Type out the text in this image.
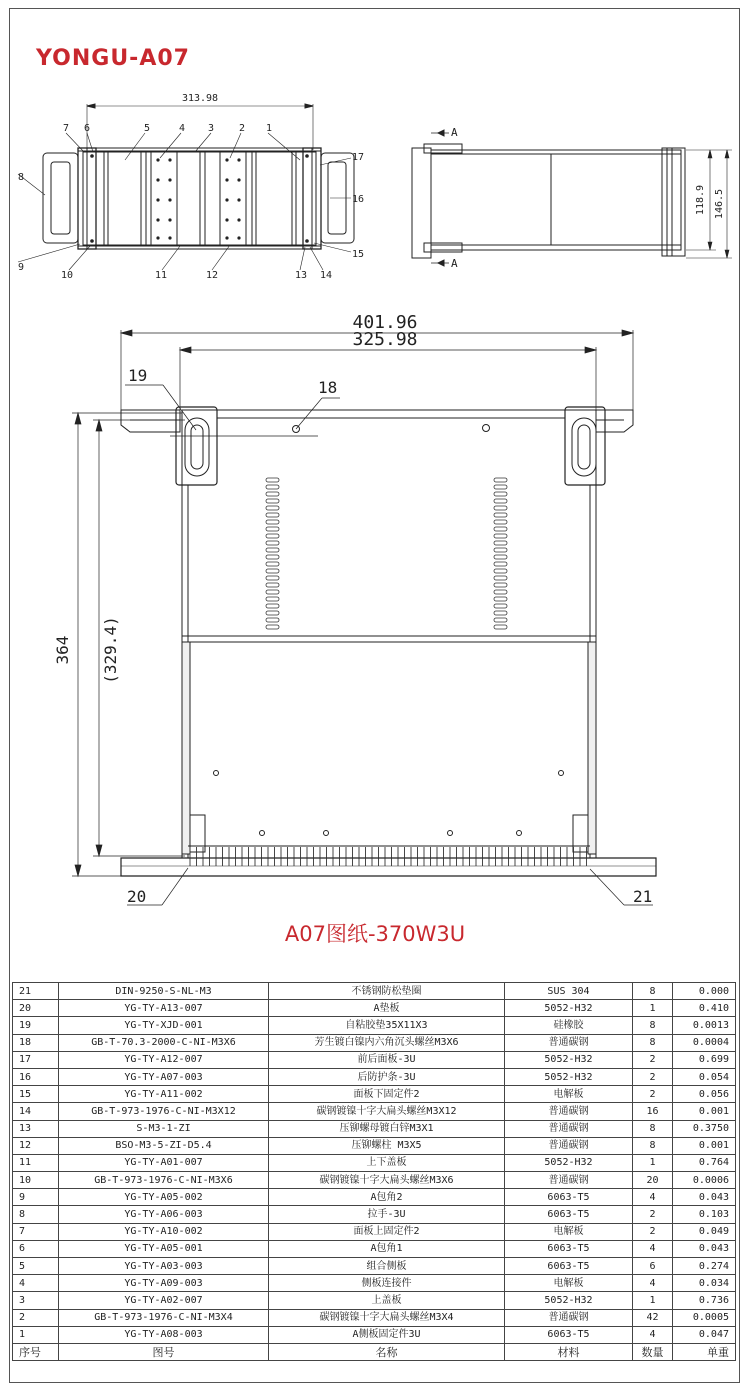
YONGU-A07
313.98
118.9 146.5
A
A
401.96
325.98
364 (329.4)
7 6	5	4 3 2 1
17
16
15
14
13
12
11
10
9
8
19
18
20	21
A07图纸-370W3U
21	DIN-9250-S-NL-M3	不锈钢防松垫圈	SUS 304	8	0.000
20	YG-TY-A13-007	A垫板	5052-H32	1	0.410
19	YG-TY-XJD-001	自粘胶垫35X11X3	硅橡胶	8	0.0013
18	GB-T-70.3-2000-C-NI-M3X6	芳生镀白镍内六角沉头螺丝M3X6	普通碳钢	8	0.0004
17	YG-TY-A12-007	前后面板-3U	5052-H32	2	0.699
16	YG-TY-A07-003	后防护条-3U	5052-H32	2	0.054
15	YG-TY-A11-002	面板下固定件2	电解板	2	0.056
14	GB-T-973-1976-C-NI-M3X12	碳钢镀镍十字大扁头螺丝M3X12	普通碳钢	16	0.001
13	S-M3-1-ZI	压铆螺母镀白锌M3X1	普通碳钢	8	0.3750
12	BSO-M3-5-ZI-D5.4	压铆螺柱 M3X5	普通碳钢	8	0.001
11	YG-TY-A01-007	上下盖板	5052-H32	1	0.764
10	GB-T-973-1976-C-NI-M3X6	碳钢镀镍十字大扁头螺丝M3X6	普通碳钢	20	0.0006
9	YG-TY-A05-002	A包角2	6063-T5	4	0.043
8	YG-TY-A06-003	拉手-3U	6063-T5	2	0.103
7	YG-TY-A10-002	面板上固定件2	电解板	2	0.049
6	YG-TY-A05-001	A包角1	6063-T5	4	0.043
5	YG-TY-A03-003	组合侧板	6063-T5	6	0.274
4	YG-TY-A09-003	侧板连接件	电解板	4	0.034
3	YG-TY-A02-007	上盖板	5052-H32	1	0.736
2	GB-T-973-1976-C-NI-M3X4	碳钢镀镍十字大扁头螺丝M3X4	普通碳钢	42	0.0005
1	YG-TY-A08-003	A侧板固定件3U	6063-T5	4	0.047
序号	图号	名称	材料	数量	单重
